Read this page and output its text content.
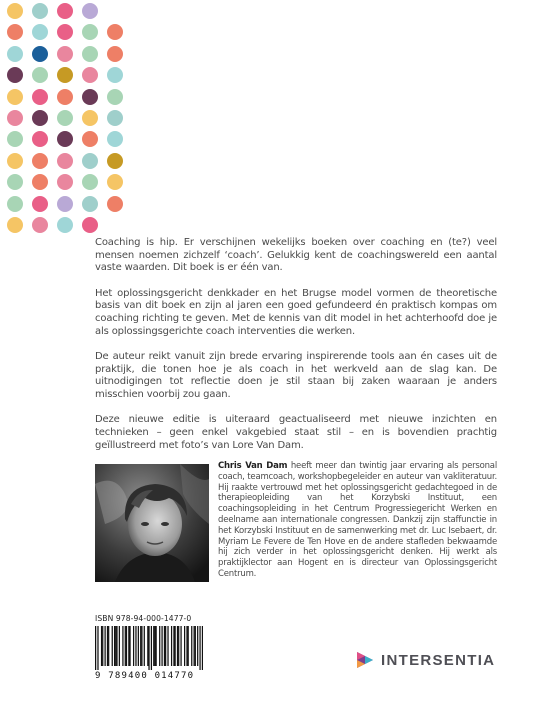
Coaching is hip. Er verschijnen wekelijks boeken over coaching en (te?) veel mensen noemen zichzelf ‘coach’. Gelukkig kent de coachingswereld een aantal vaste waarden. Dit boek is er één van.

Het oplossingsgericht denkkader en het Brugse model vormen de theoretische basis van dit boek en zijn al jaren een goed gefundeerd én praktisch kompas om coaching richting te geven. Met de kennis van dit model in het achterhoofd doe je als oplossingsgerichte coach interventies die werken.

De auteur reikt vanuit zijn brede ervaring inspirerende tools aan én cases uit de praktijk, die tonen hoe je als coach in het werkveld aan de slag kan. De uitnodigingen tot reflectie doen je stil staan bij zaken waaraan je anders misschien voorbij zou gaan.

Deze nieuwe editie is uiteraard geactualiseerd met nieuwe inzichten en technieken – geen enkel vakgebied staat stil – en is bovendien prachtig geïllustreerd met foto’s van Lore Van Dam.

Chris Van Dam heeft meer dan twintig jaar ervaring als personal coach, teamcoach, workshopbegeleider en auteur van vakliteratuur. Hij raakte vertrouwd met het oplossingsgericht gedachtegoed in de therapieopleiding van het Korzybski Instituut, een coachingsopleiding in het Centrum Progressiegericht Werken en deelname aan internationale congressen. Dankzij zijn staffunctie in het Korzybski Instituut en de samenwerking met dr. Luc Isebaert, dr. Myriam Le Fevere de Ten Hove en de andere stafleden bekwaamde hij zich verder in het oplossingsgericht denken. Hij werkt als praktijklector aan Hogent en is directeur van Oplossingsgericht Centrum.
ISBN 978-94-000-1477-0
9 789400 014770
INTERSENTIA
